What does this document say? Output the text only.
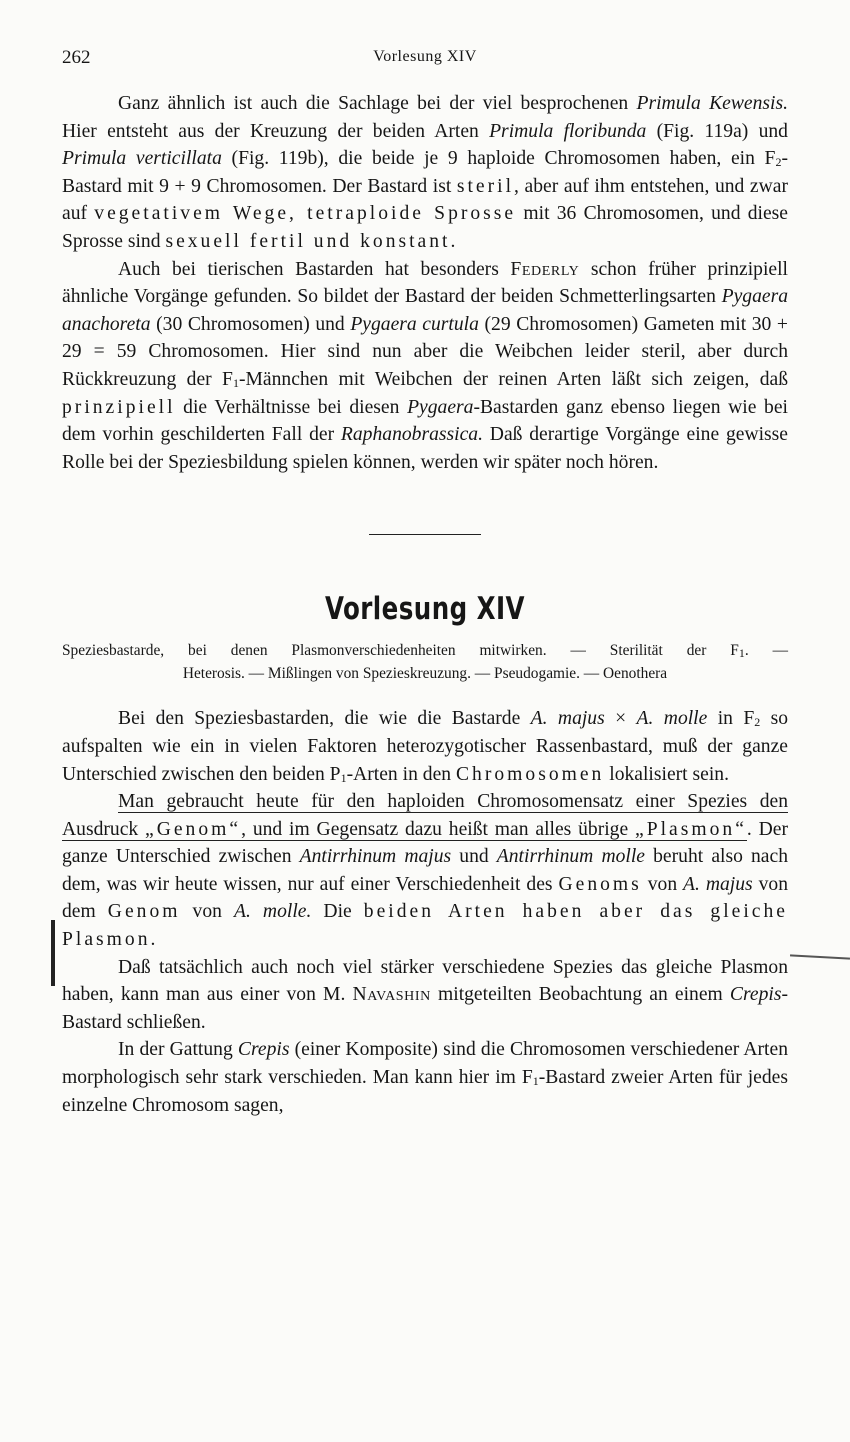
262	Vorlesung XIV

Ganz ähnlich ist auch die Sachlage bei der viel besprochenen Primula Kewensis. Hier entsteht aus der Kreuzung der beiden Arten Primula floribunda (Fig. 119a) und Primula verticillata (Fig. 119b), die beide je 9 haploide Chromosomen haben, ein $F_2$-Bastard mit 9 + 9 Chromosomen. Der Bastard ist steril, aber auf ihm entstehen, und zwar auf vegetativem Wege, tetraploide Sprosse mit 36 Chromosomen, und diese Sprosse sind sexuell fertil und konstant.

Auch bei tierischen Bastarden hat besonders Federly schon früher prinzipiell ähnliche Vorgänge gefunden. So bildet der Bastard der beiden Schmetterlingsarten Pygaera anachoreta (30 Chromosomen) und Pygaera curtula (29 Chromosomen) Gameten mit 30 + 29 = 59 Chromosomen. Hier sind nun aber die Weibchen leider steril, aber durch Rückkreuzung der $F_1$-Männchen mit Weibchen der reinen Arten läßt sich zeigen, daß prinzipiell die Verhältnisse bei diesen Pygaera-Bastarden ganz ebenso liegen wie bei dem vorhin geschilderten Fall der Raphanobrassica. Daß derartige Vorgänge eine gewisse Rolle bei der Speziesbildung spielen können, werden wir später noch hören.

Vorlesung XIV
Speziesbastarde, bei denen Plasmonverschiedenheiten mitwirken. — Sterilität der $F_1$. —
Heterosis. — Mißlingen von Spezieskreuzung. — Pseudogamie. — Oenothera

Bei den Speziesbastarden, die wie die Bastarde A. majus × A. molle in $F_2$ so aufspalten wie ein in vielen Faktoren heterozygotischer Rassenbastard, muß der ganze Unterschied zwischen den beiden $P_1$-Arten in den Chromosomen lokalisiert sein.

Man gebraucht heute für den haploiden Chromosomensatz einer Spezies den Ausdruck „Genom“, und im Gegensatz dazu heißt man alles übrige „Plasmon“. Der ganze Unterschied zwischen Antirrhinum majus und Antirrhinum molle beruht also nach dem, was wir heute wissen, nur auf einer Verschiedenheit des Genoms von A. majus von dem Genom von A. molle. Die beiden Arten haben aber das gleiche Plasmon.

Daß tatsächlich auch noch viel stärker verschiedene Spezies das gleiche Plasmon haben, kann man aus einer von M. Navashin mitgeteilten Beobachtung an einem Crepis-Bastard schließen.

In der Gattung Crepis (einer Komposite) sind die Chromosomen verschiedener Arten morphologisch sehr stark verschieden. Man kann hier im $F_1$-Bastard zweier Arten für jedes einzelne Chromosom sagen,
